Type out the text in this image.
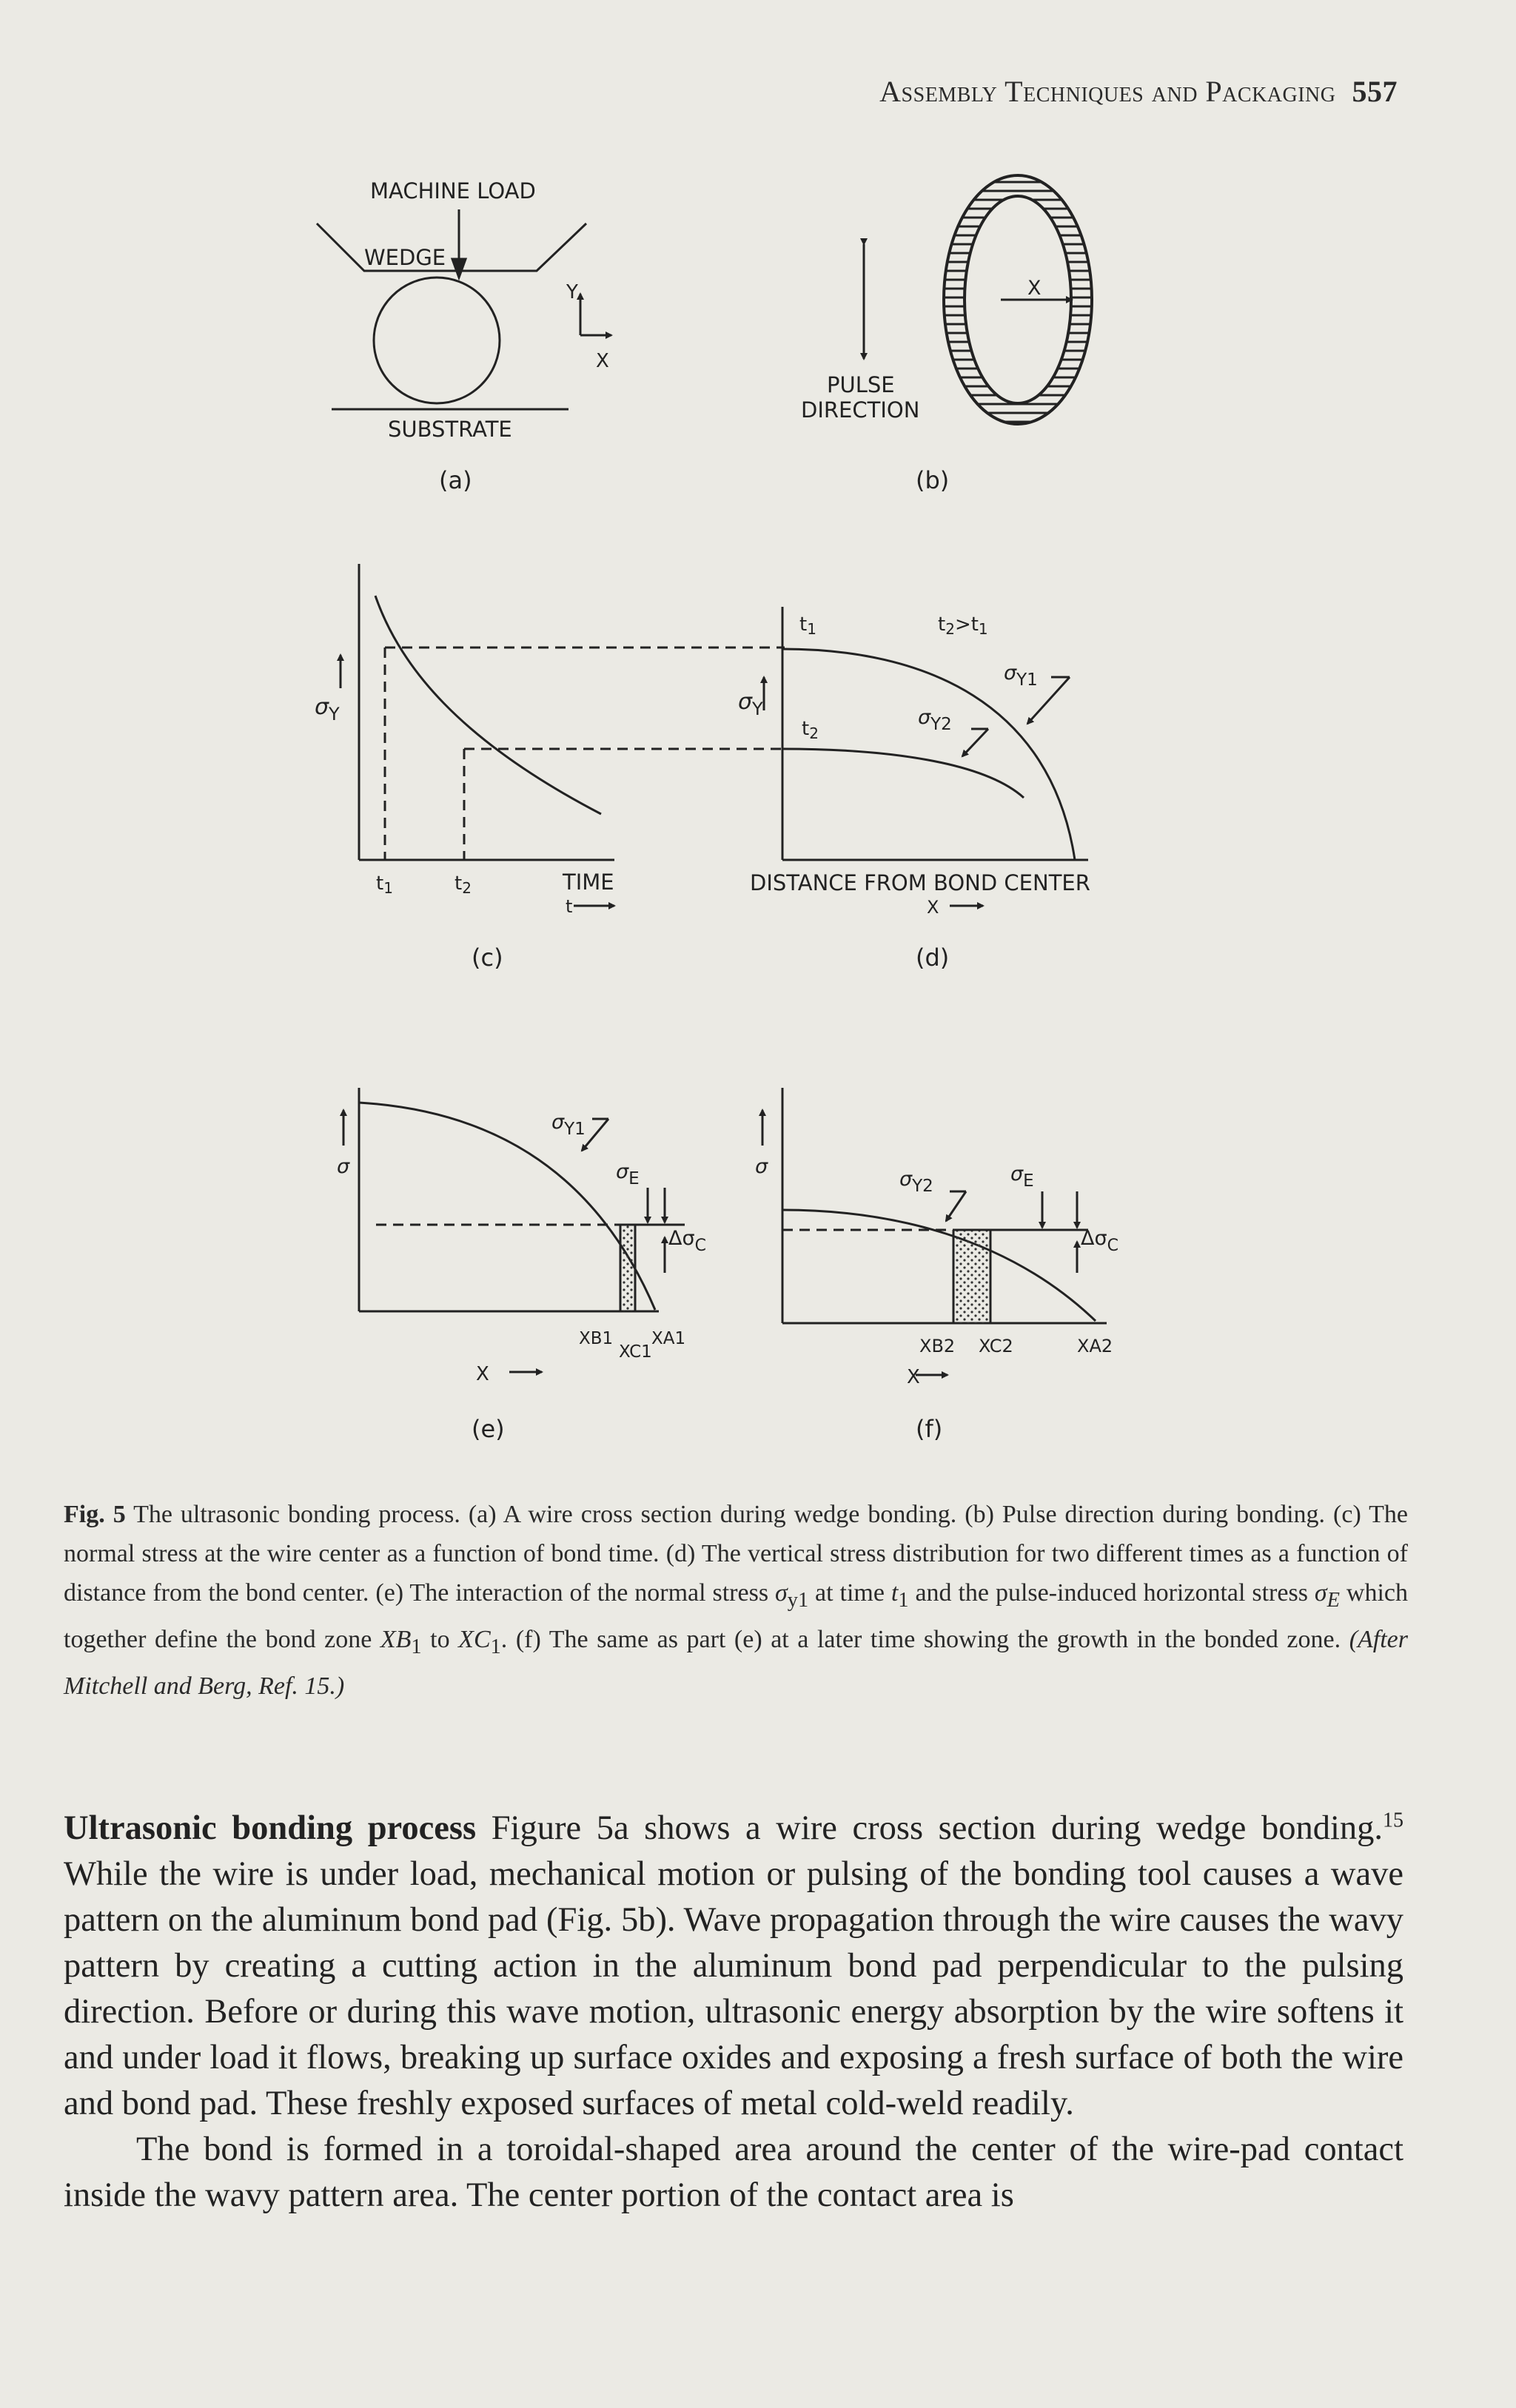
Assembly Techniques and Packaging 557
MACHINE LOAD
WEDGE
Y
X
SUBSTRATE
(a)
X
PULSE
DIRECTION
(b)
$\sigma_Y$
t1	t2	TIME
t
(c)
$\sigma_Y$
t1	t2>t1
t2
$\sigma_{Y1}$
$\sigma_{Y2}$
DISTANCE FROM BOND CENTER
X
(d)
σ
$\sigma_{Y1}$
$\sigma_E$
$\Delta\sigma_C$
XB1
XC1
XA1
X
(e)
σ
$\sigma_{Y2}$
$\sigma_E$
$\Delta\sigma_C$
XB2 XC2	XA2
X
(f)
Fig. 5 The ultrasonic bonding process. (a) A wire cross section during wedge bonding. (b) Pulse direction during bonding. (c) The normal stress at the wire center as a function of bond time. (d) The vertical stress distribution for two different times as a function of distance from the bond center. (e) The interaction of the normal stress $\sigma_{y1}$ at time $t_1$ and the pulse-induced horizontal stress $\sigma_E$ which together define the bond zone $XB_1$ to $XC_1$. (f) The same as part (e) at a later time showing the growth in the bonded zone. (After Mitchell and Berg, Ref. 15.)

Ultrasonic bonding process Figure 5a shows a wire cross section during wedge bonding.$^{15}$ While the wire is under load, mechanical motion or pulsing of the bonding tool causes a wave pattern on the aluminum bond pad (Fig. 5b). Wave propagation through the wire causes the wavy pattern by creating a cutting action in the aluminum bond pad perpendicular to the pulsing direction. Before or during this wave motion, ultrasonic energy absorption by the wire softens it and under load it flows, breaking up surface oxides and exposing a fresh surface of both the wire and bond pad. These freshly exposed surfaces of metal cold-weld readily.

The bond is formed in a toroidal-shaped area around the center of the wire-pad contact inside the wavy pattern area. The center portion of the contact area is
